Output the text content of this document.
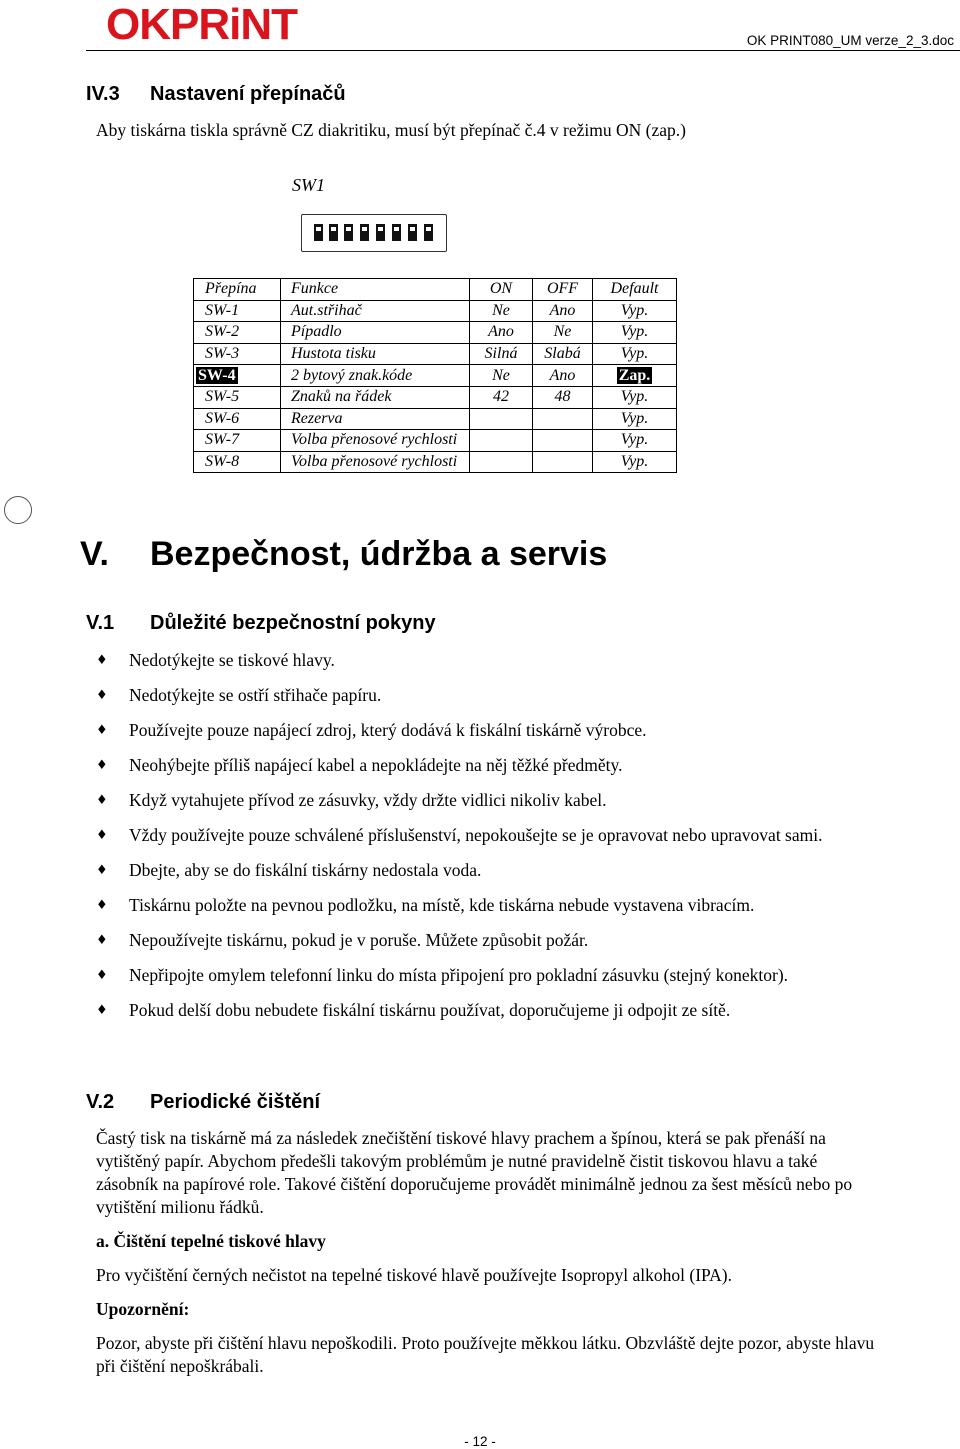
OKPRiNT	OK PRINT080_UM verze_2_3.doc
IV.3 Nastavení přepínačů
Aby tiskárna tiskla správně CZ diakritiku, musí být přepínač č.4 v režimu ON (zap.)
SW1
Přepína	Funkce	ON	OFF	Default
SW-1	Aut.střihač	Ne	Ano	Vyp.
SW-2	Pípadlo	Ano	Ne	Vyp.
SW-3	Hustota tisku	Silná	Slabá	Vyp.
SW-4	2 bytový znak.kóde	Ne	Ano	Zap.
SW-5	Znaků na řádek	42	48	Vyp.
SW-6	Rezerva			Vyp.
SW-7	Volba přenosové rychlosti			Vyp.
SW-8	Volba přenosové rychlosti			Vyp.
V. Bezpečnost, údržba a servis
V.1 Důležité bezpečnostní pokyny
♦ Nedotýkejte se tiskové hlavy.
♦ Nedotýkejte se ostří střihače papíru.
♦ Používejte pouze napájecí zdroj, který dodává k fiskální tiskárně výrobce.
♦ Neohýbejte příliš napájecí kabel a nepokládejte na něj těžké předměty.
♦ Když vytahujete přívod ze zásuvky, vždy držte vidlici nikoliv kabel.
♦ Vždy používejte pouze schválené příslušenství, nepokoušejte se je opravovat nebo upravovat sami.
♦ Dbejte, aby se do fiskální tiskárny nedostala voda.
♦ Tiskárnu položte na pevnou podložku, na místě, kde tiskárna nebude vystavena vibracím.
♦ Nepoužívejte tiskárnu, pokud je v poruše. Můžete způsobit požár.
♦ Nepřipojte omylem telefonní linku do místa připojení pro pokladní zásuvku (stejný konektor).
♦ Pokud delší dobu nebudete fiskální tiskárnu používat, doporučujeme ji odpojit ze sítě.
V.2 Periodické čištění
Častý tisk na tiskárně má za následek znečištění tiskové hlavy prachem a špínou, která se pak přenáší na
vytištěný papír. Abychom předešli takovým problémům je nutné pravidelně čistit tiskovou hlavu a také
zásobník na papírové role. Takové čištění doporučujeme provádět minimálně jednou za šest měsíců nebo po
vytištění milionu řádků.
a. Čištění tepelné tiskové hlavy
Pro vyčištění černých nečistot na tepelné tiskové hlavě používejte Isopropyl alkohol (IPA).
Upozornění:
Pozor, abyste při čištění hlavu nepoškodili. Proto používejte měkkou látku. Obzvláště dejte pozor, abyste hlavu
při čištění nepoškrábali.
- 12 -
